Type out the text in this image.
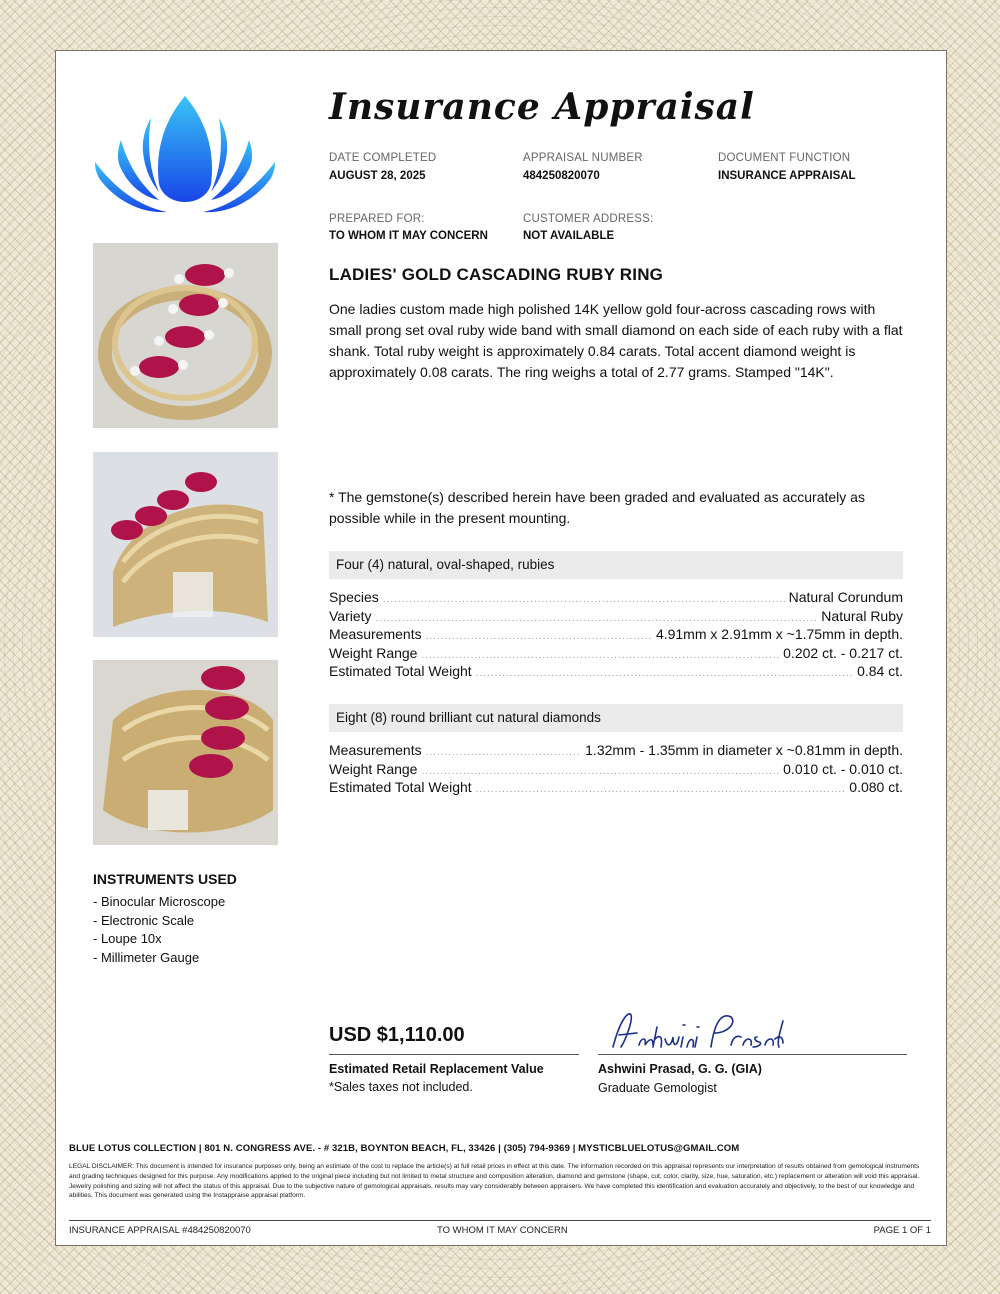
Insurance Appraisal
DATE COMPLETED
AUGUST 28, 2025
APPRAISAL NUMBER
484250820070
DOCUMENT FUNCTION
INSURANCE APPRAISAL
PREPARED FOR:
TO WHOM IT MAY CONCERN
CUSTOMER ADDRESS:
NOT AVAILABLE
LADIES' GOLD CASCADING RUBY RING
One ladies custom made high polished 14K yellow gold four-across cascading rows with small prong set oval ruby wide band with small diamond on each side of each ruby with a flat shank. Total ruby weight is approximately 0.84 carats. Total accent diamond weight is approximately 0.08 carats. The ring weighs a total of 2.77 grams. Stamped "14K".
* The gemstone(s) described herein have been graded and evaluated as accurately as possible while in the present mounting.
Four (4) natural, oval-shaped, rubies
Species .....	Natural Corundum
Variety .....	Natural Ruby
Measurements .....	4.91mm x 2.91mm x ~1.75mm in depth.
Weight Range .....	0.202 ct. - 0.217 ct.
Estimated Total Weight .....	0.84 ct.
Eight (8) round brilliant cut natural diamonds
Measurements .....	1.32mm - 1.35mm in diameter x ~0.81mm in depth.
Weight Range .....	0.010 ct. - 0.010 ct.
Estimated Total Weight .....	0.080 ct.
INSTRUMENTS USED
- Binocular Microscope
- Electronic Scale
- Loupe 10x
- Millimeter Gauge
USD $1,110.00
Estimated Retail Replacement Value
*Sales taxes not included.
Ashwini Prasad, G. G. (GIA)
Graduate Gemologist
BLUE LOTUS COLLECTION | 801 N. CONGRESS AVE. - # 321B, BOYNTON BEACH, FL, 33426 | (305) 794-9369 | MYSTICBLUELOTUS@GMAIL.COM
LEGAL DISCLAIMER: This document is intended for insurance purposes only, being an estimate of the cost to replace the article(s) at full retail prices in effect at this date. The information recorded on this appraisal represents our interpretation of results obtained from gemological instruments and grading techniques designed for this purpose. Any modifications applied to the original piece including but not limited to metal structure and composition alteration, diamond and gemstone (shape, cut, color, clarity, size, hue, saturation, etc.) replacement or alteration will void this appraisal. Jewelry polishing and sizing will not affect the status of this appraisal. Due to the subjective nature of gemological appraisals, results may vary considerably between appraisers. We have completed this identification and evaluation accurately and objectively, to the best of our knowledge and abilities. This document was generated using the Instappraise appraisal platform.
INSURANCE APPRAISAL #484250820070	TO WHOM IT MAY CONCERN	PAGE 1 OF 1
